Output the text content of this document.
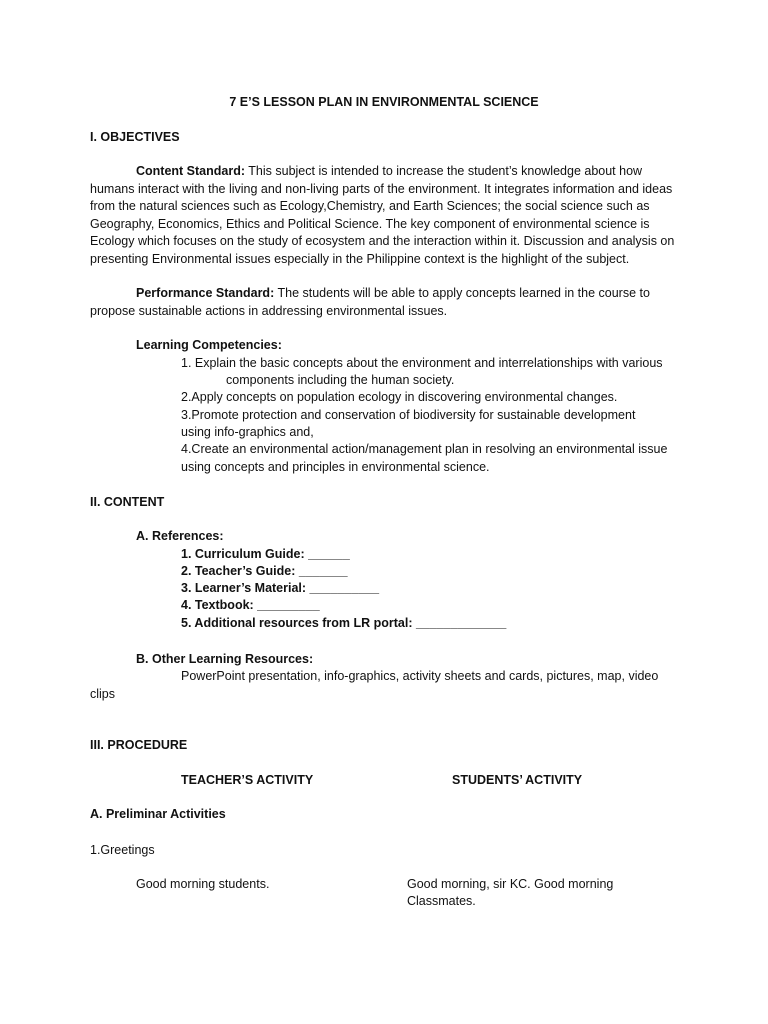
7 E’S LESSON PLAN IN ENVIRONMENTAL SCIENCE
I. OBJECTIVES
Content Standard: This subject is intended to increase the student’s knowledge about how humans interact with the living and non-living parts of the environment. It integrates information and ideas from the natural sciences such as Ecology,Chemistry, and Earth Sciences; the social science such as Geography, Economics, Ethics and Political Science. The key component of environmental science is Ecology which focuses on the study of ecosystem and the interaction within it. Discussion and analysis on presenting Environmental issues especially in the Philippine context is the highlight of the subject.
Performance Standard: The students will be able to apply concepts learned in the course to propose sustainable actions in addressing environmental issues.
Learning Competencies:
1. Explain the basic concepts about the environment and interrelationships with various
components including the human society.
2.Apply concepts on population ecology in discovering environmental changes.
3.Promote protection and conservation of biodiversity for sustainable development
using info-graphics and,
4.Create an environmental action/management plan in resolving an environmental issue
using concepts and principles in environmental science.
II. CONTENT
A. References:
1. Curriculum Guide: ______
2. Teacher’s Guide: _______
3. Learner’s Material: __________
4. Textbook: _________
5. Additional resources from LR portal: _____________
B. Other Learning Resources:
PowerPoint presentation, info-graphics, activity sheets and cards, pictures, map, video
clips
III. PROCEDURE
TEACHER’S ACTIVITY	STUDENTS’ ACTIVITY
A. Preliminar Activities
1.Greetings
Good morning students.	Good morning, sir KC. Good morning
Classmates.
